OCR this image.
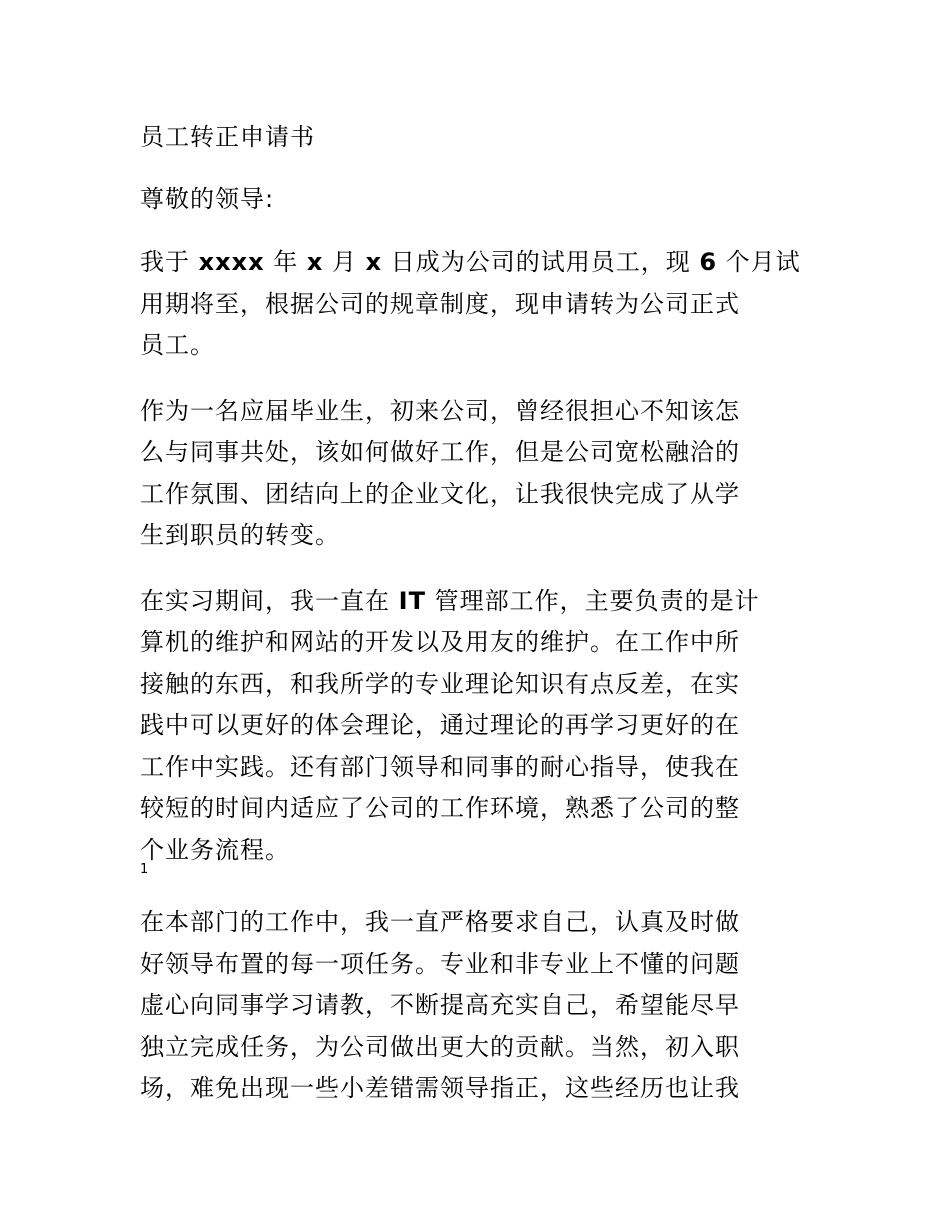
员工转正申请书

尊敬的领导:

我于 xxxx 年 x 月 x 日成为公司的试用员工，现 6 个月试
用期将至，根据公司的规章制度，现申请转为公司正式
员工。

作为一名应届毕业生，初来公司，曾经很担心不知该怎
么与同事共处，该如何做好工作，但是公司宽松融洽的
工作氛围、团结向上的企业文化，让我很快完成了从学
生到职员的转变。

在实习期间，我一直在 IT 管理部工作，主要负责的是计
算机的维护和网站的开发以及用友的维护。在工作中所
接触的东西，和我所学的专业理论知识有点反差，在实
践中可以更好的体会理论，通过理论的再学习更好的在
工作中实践。还有部门领导和同事的耐心指导，使我在
较短的时间内适应了公司的工作环境，熟悉了公司的整
个业务流程。

1

在本部门的工作中，我一直严格要求自己，认真及时做
好领导布置的每一项任务。专业和非专业上不懂的问题
虚心向同事学习请教，不断提高充实自己，希望能尽早
独立完成任务，为公司做出更大的贡献。当然，初入职
场，难免出现一些小差错需领导指正，这些经历也让我
